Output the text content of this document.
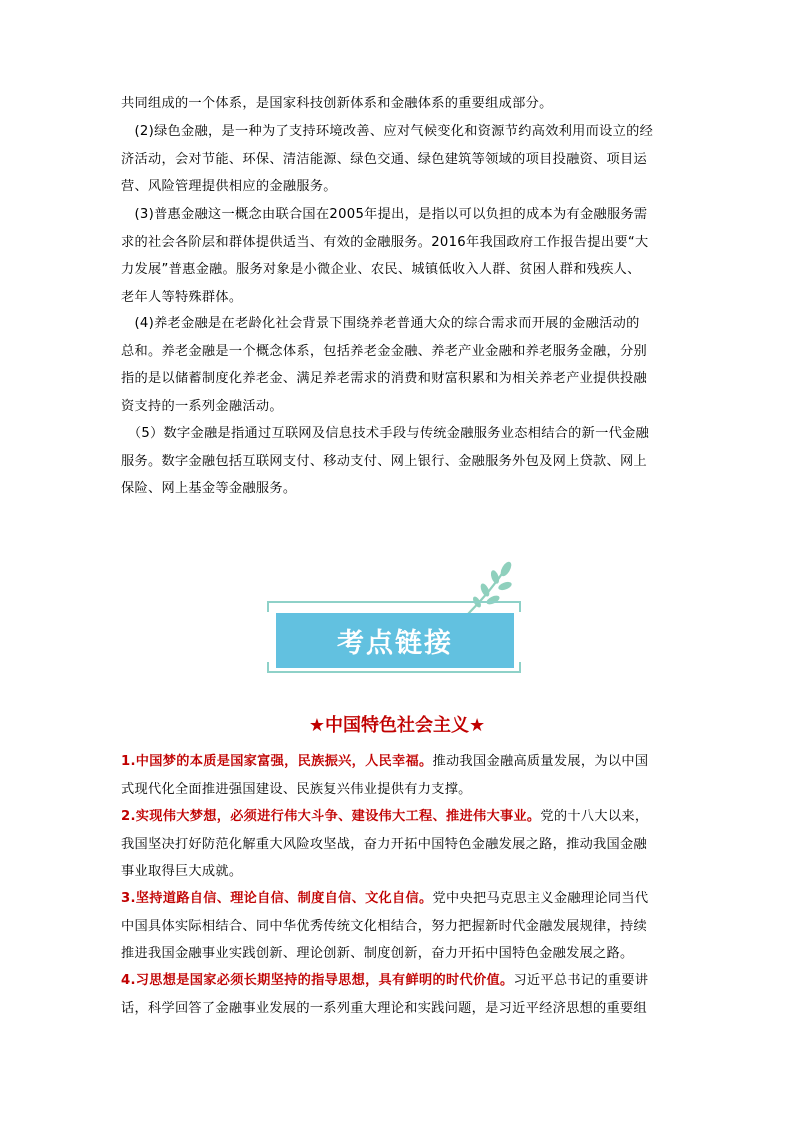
共同组成的一个体系，是国家科技创新体系和金融体系的重要组成部分。
　(2)绿色金融，是一种为了支持环境改善、应对气候变化和资源节约高效利用而设立的经
济活动，会对节能、环保、清洁能源、绿色交通、绿色建筑等领域的项目投融资、项目运
营、风险管理提供相应的金融服务。
　(3)普惠金融这一概念由联合国在2005年提出，是指以可以负担的成本为有金融服务需
求的社会各阶层和群体提供适当、有效的金融服务。2016年我国政府工作报告提出要“大
力发展”普惠金融。服务对象是小微企业、农民、城镇低收入人群、贫困人群和残疾人、
老年人等特殊群体。
　(4)养老金融是在老龄化社会背景下围绕养老普通大众的综合需求而开展的金融活动的
总和。养老金融是一个概念体系，包括养老金金融、养老产业金融和养老服务金融，分别
指的是以储蓄制度化养老金、满足养老需求的消费和财富积累和为相关养老产业提供投融
资支持的一系列金融活动。
　（5）数字金融是指通过互联网及信息技术手段与传统金融服务业态相结合的新一代金融
服务。数字金融包括互联网支付、移动支付、网上银行、金融服务外包及网上贷款、网上
保险、网上基金等金融服务。
考点链接
★中国特色社会主义★
1.中国梦的本质是国家富强，民族振兴，人民幸福。推动我国金融高质量发展，为以中国
式现代化全面推进强国建设、民族复兴伟业提供有力支撑。
2.实现伟大梦想，必须进行伟大斗争、建设伟大工程、推进伟大事业。党的十八大以来，
我国坚决打好防范化解重大风险攻坚战，奋力开拓中国特色金融发展之路，推动我国金融
事业取得巨大成就。
3.坚持道路自信、理论自信、制度自信、文化自信。党中央把马克思主义金融理论同当代
中国具体实际相结合、同中华优秀传统文化相结合，努力把握新时代金融发展规律，持续
推进我国金融事业实践创新、理论创新、制度创新，奋力开拓中国特色金融发展之路。
4.习思想是国家必须长期坚持的指导思想，具有鲜明的时代价值。习近平总书记的重要讲
话，科学回答了金融事业发展的一系列重大理论和实践问题，是习近平经济思想的重要组
